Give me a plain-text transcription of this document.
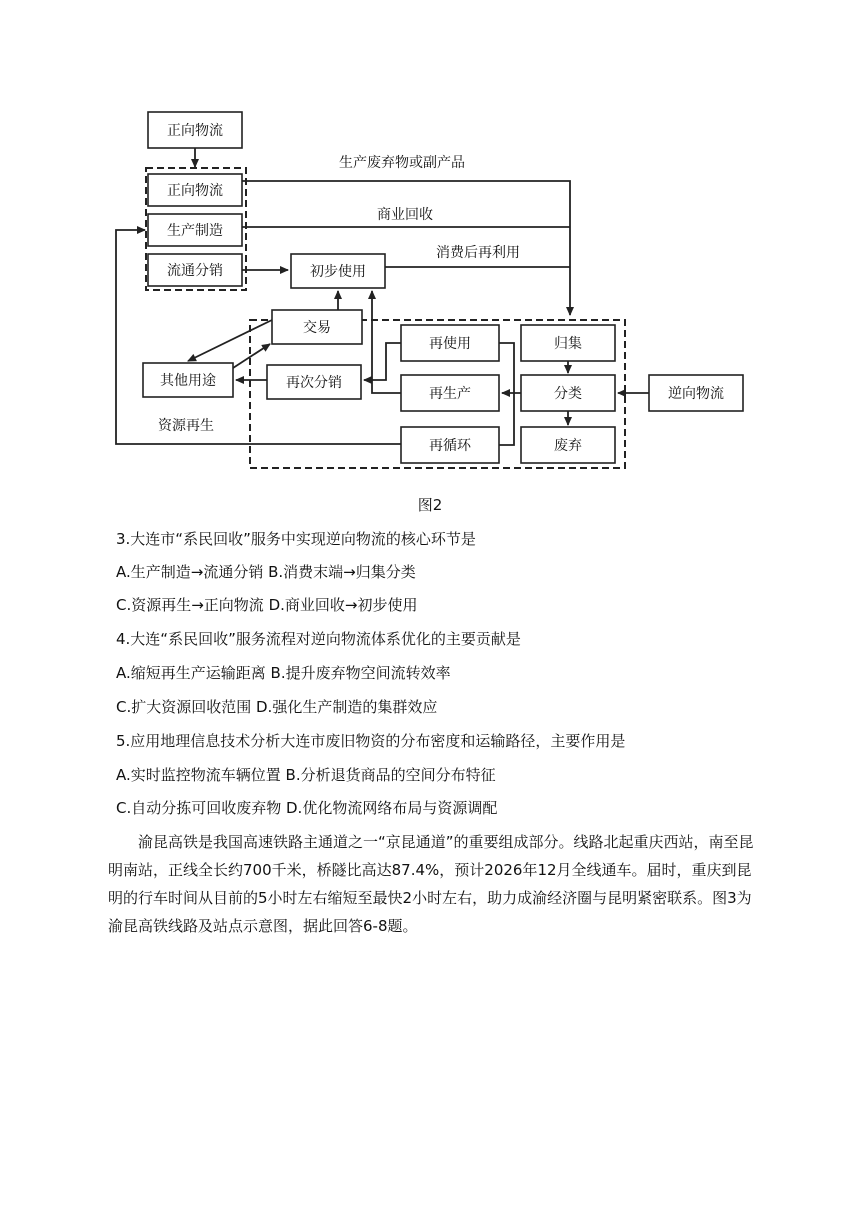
正向物流
正向物流
生产制造
流通分销	初步使用
生产废弃物或副产品
商业回收
消费后再利用
交易
其他用途	再次分销
再使用
再生产
再循环
归集
分类
废弃
逆向物流
资源再生
图2
3.大连市“系民回收”服务中实现逆向物流的核心环节是
A.生产制造→流通分销 B.消费末端→归集分类
C.资源再生→正向物流 D.商业回收→初步使用
4.大连“系民回收”服务流程对逆向物流体系优化的主要贡献是
A.缩短再生产运输距离 B.提升废弃物空间流转效率
C.扩大资源回收范围 D.强化生产制造的集群效应
5.应用地理信息技术分析大连市废旧物资的分布密度和运输路径，主要作用是
A.实时监控物流车辆位置 B.分析退货商品的空间分布特征
C.自动分拣可回收废弃物 D.优化物流网络布局与资源调配
渝昆高铁是我国高速铁路主通道之一“京昆通道”的重要组成部分。线路北起重庆西站，南至昆明南站，正线全长约700千米，桥隧比高达87.4%，预计2026年12月全线通车。届时，重庆到昆明的行车时间从目前的5小时左右缩短至最快2小时左右，助力成渝经济圈与昆明紧密联系。图3为渝昆高铁线路及站点示意图，据此回答6-8题。
